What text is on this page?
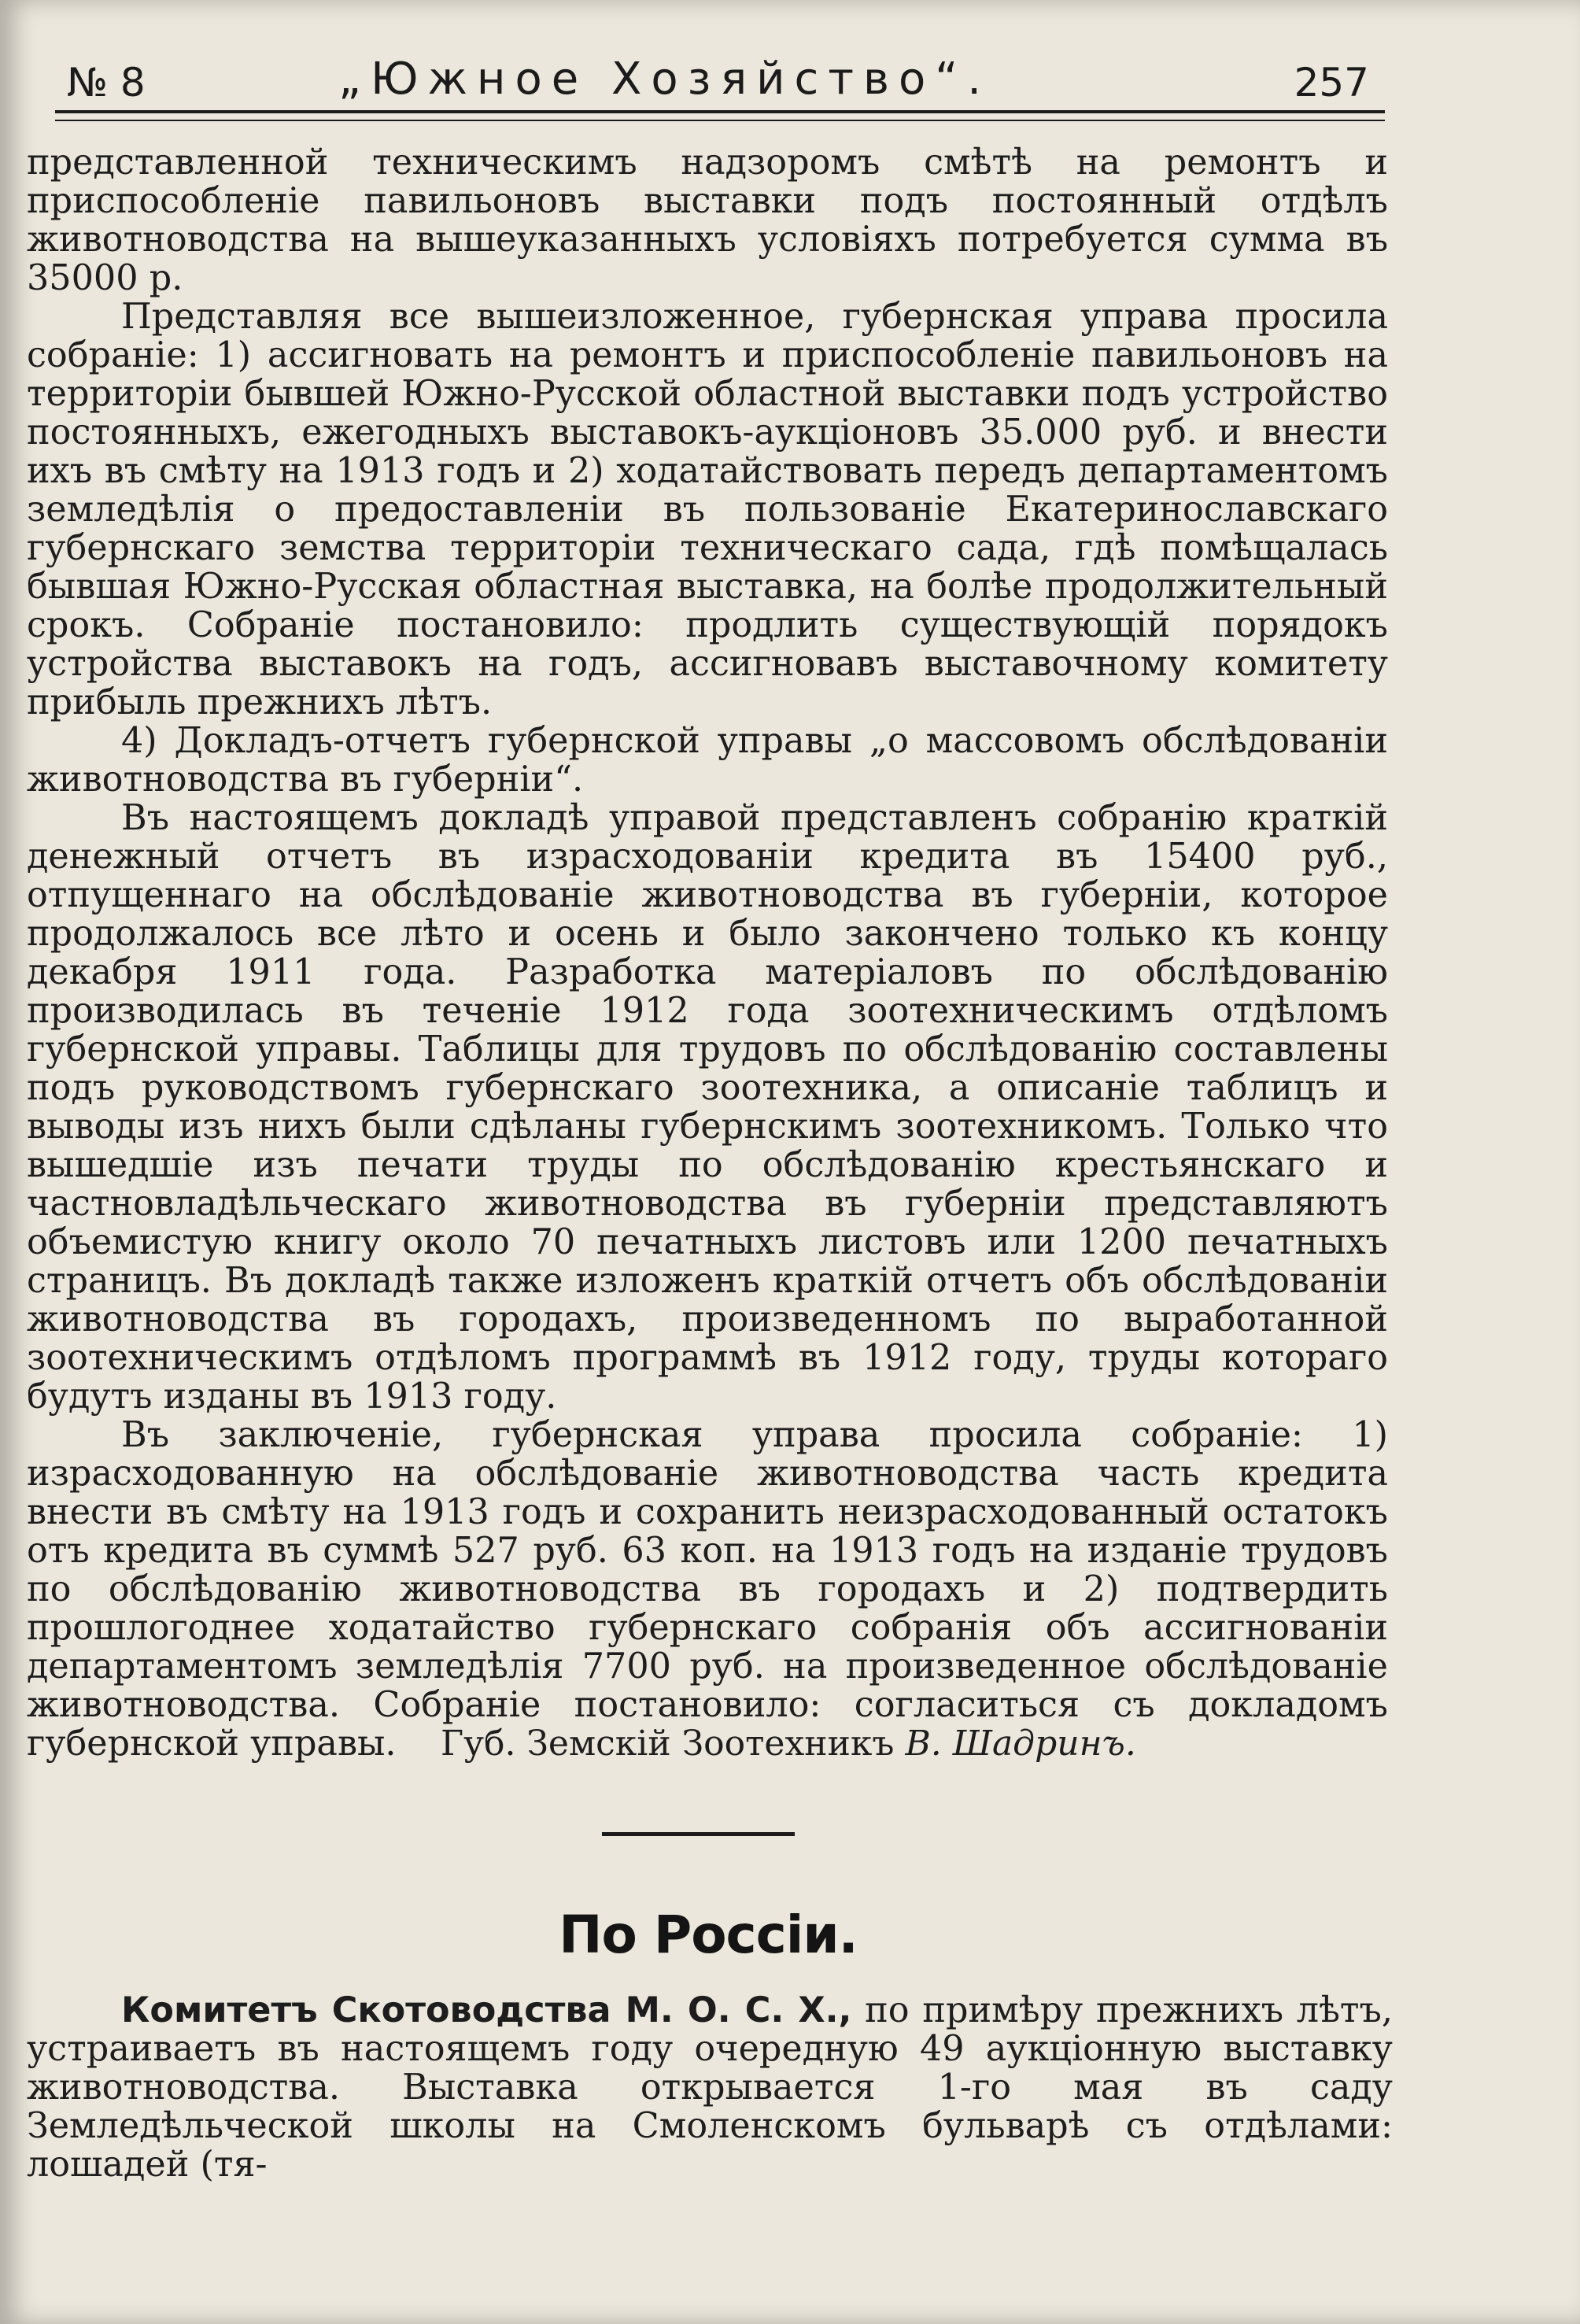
№ 8	„Южное Хозяйство“.	257

представленной техническимъ надзоромъ смѣтѣ на ремонтъ и приспособленіе павильоновъ выставки подъ постоянный отдѣлъ животноводства на вышеуказанныхъ условіяхъ потребуется сумма въ 35000 р.

Представляя все вышеизложенное, губернская управа просила собраніе: 1) ассигновать на ремонтъ и приспособленіе павильоновъ на территоріи бывшей Южно-Русской областной выставки подъ устройство постоянныхъ, ежегодныхъ выставокъ-аукціоновъ 35.000 руб. и внести ихъ въ смѣту на 1913 годъ и 2) ходатайствовать передъ департаментомъ земледѣлія о предоставленіи въ пользованіе Екатеринославскаго губернскаго земства территоріи техническаго сада, гдѣ помѣщалась бывшая Южно-Русская областная выставка, на болѣе продолжительный срокъ. Собраніе постановило: продлить существующій порядокъ устройства выставокъ на годъ, ассигновавъ выставочному комитету прибыль прежнихъ лѣтъ.

4) Докладъ-отчетъ губернской управы „о массовомъ обслѣдованіи животноводства въ губерніи“.

Въ настоящемъ докладѣ управой представленъ собранію краткій денежный отчетъ въ израсходованіи кредита въ 15400 руб., отпущеннаго на обслѣдованіе животноводства въ губерніи, которое продолжалось все лѣто и осень и было закончено только къ концу декабря 1911 года. Разработка матеріаловъ по обслѣдованію производилась въ теченіе 1912 года зоотехническимъ отдѣломъ губернской управы. Таблицы для трудовъ по обслѣдованію составлены подъ руководствомъ губернскаго зоотехника, а описаніе таблицъ и выводы изъ нихъ были сдѣланы губернскимъ зоотехникомъ. Только что вышедшіе изъ печати труды по обслѣдованію крестьянскаго и частновладѣльческаго животноводства въ губерніи представляютъ объемистую книгу около 70 печатныхъ листовъ или 1200 печатныхъ страницъ. Въ докладѣ также изложенъ краткій отчетъ объ обслѣдованіи животноводства въ городахъ, произведенномъ по выработанной зоотехническимъ отдѣломъ программѣ въ 1912 году, труды котораго будутъ изданы въ 1913 году.

Въ заключеніе, губернская управа просила собраніе: 1) израсходованную на обслѣдованіе животноводства часть кредита внести въ смѣту на 1913 годъ и сохранить неизрасходованный остатокъ отъ кредита въ суммѣ 527 руб. 63 коп. на 1913 годъ на изданіе трудовъ по обслѣдованію животноводства въ городахъ и 2) подтвердить прошлогоднее ходатайство губернскаго собранія объ ассигнованіи департаментомъ земледѣлія 7700 руб. на произведенное обслѣдованіе животноводства. Собраніе постановило: согласиться съ докладомъ губернской управы.	Губ. Земскій Зоотехникъ В. Шадринъ.
По Россіи.

Комитетъ Скотоводства М. О. С. Х., по примѣру прежнихъ лѣтъ, устраиваетъ въ настоящемъ году очередную 49 аукціонную выставку животноводства. Выставка открывается 1-го мая въ саду Земледѣльческой школы на Смоленскомъ бульварѣ съ отдѣлами: лошадей (тя-
